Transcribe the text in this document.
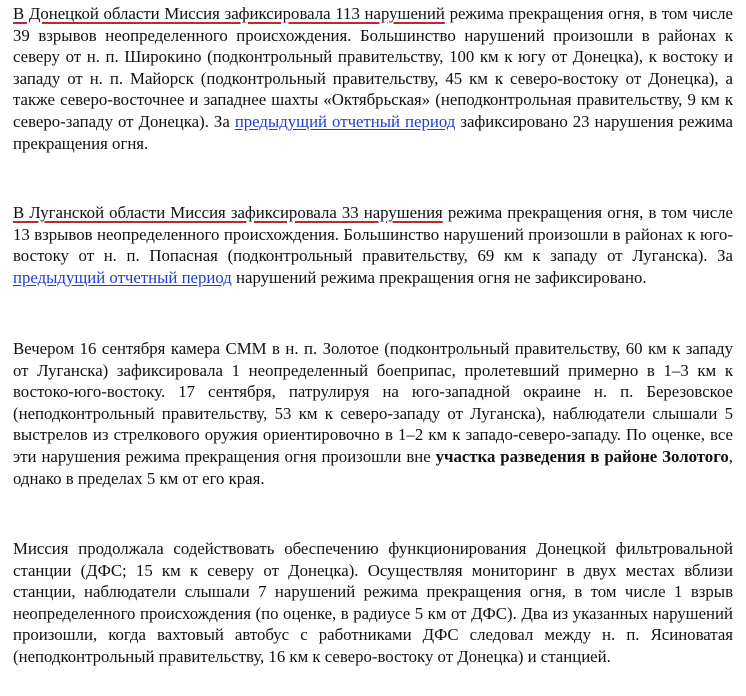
В Донецкой области Миссия зафиксировала 113 нарушений режима прекращения огня, в том числе 39 взрывов неопределенного происхождения. Большинство нарушений произошли в районах к северу от н. п. Широкино (подконтрольный правительству, 100 км к югу от Донецка), к востоку и западу от н. п. Майорск (подконтрольный правительству, 45 км к северо-востоку от Донецка), а также северо-восточнее и западнее шахты «Октябрьская» (неподконтрольная правительству, 9 км к северо-западу от Донецка). За предыдущий отчетный период зафиксировано 23 нарушения режима прекращения огня.

В Луганской области Миссия зафиксировала 33 нарушения режима прекращения огня, в том числе 13 взрывов неопределенного происхождения. Большинство нарушений произошли в районах к юго-востоку от н. п. Попасная (подконтрольный правительству, 69 км к западу от Луганска). За предыдущий отчетный период нарушений режима прекращения огня не зафиксировано.

Вечером 16 сентября камера СММ в н. п. Золотое (подконтрольный правительству, 60 км к западу от Луганска) зафиксировала 1 неопределенный боеприпас, пролетевший примерно в 1–3 км к востоко-юго-востоку. 17 сентября, патрулируя на юго-западной окраине н. п. Березовское (неподконтрольный правительству, 53 км к северо-западу от Луганска), наблюдатели слышали 5 выстрелов из стрелкового оружия ориентировочно в 1–2 км к западо-северо-западу. По оценке, все эти нарушения режима прекращения огня произошли вне участка разведения в районе Золотого, однако в пределах 5 км от его края.

Миссия продолжала содействовать обеспечению функционирования Донецкой фильтровальной станции (ДФС; 15 км к северу от Донецка). Осуществляя мониторинг в двух местах вблизи станции, наблюдатели слышали 7 нарушений режима прекращения огня, в том числе 1 взрыв неопределенного происхождения (по оценке, в радиусе 5 км от ДФС). Два из указанных нарушений произошли, когда вахтовый автобус с работниками ДФС следовал между н. п. Ясиноватая (неподконтрольный правительству, 16 км к северо-востоку от Донецка) и станцией.
